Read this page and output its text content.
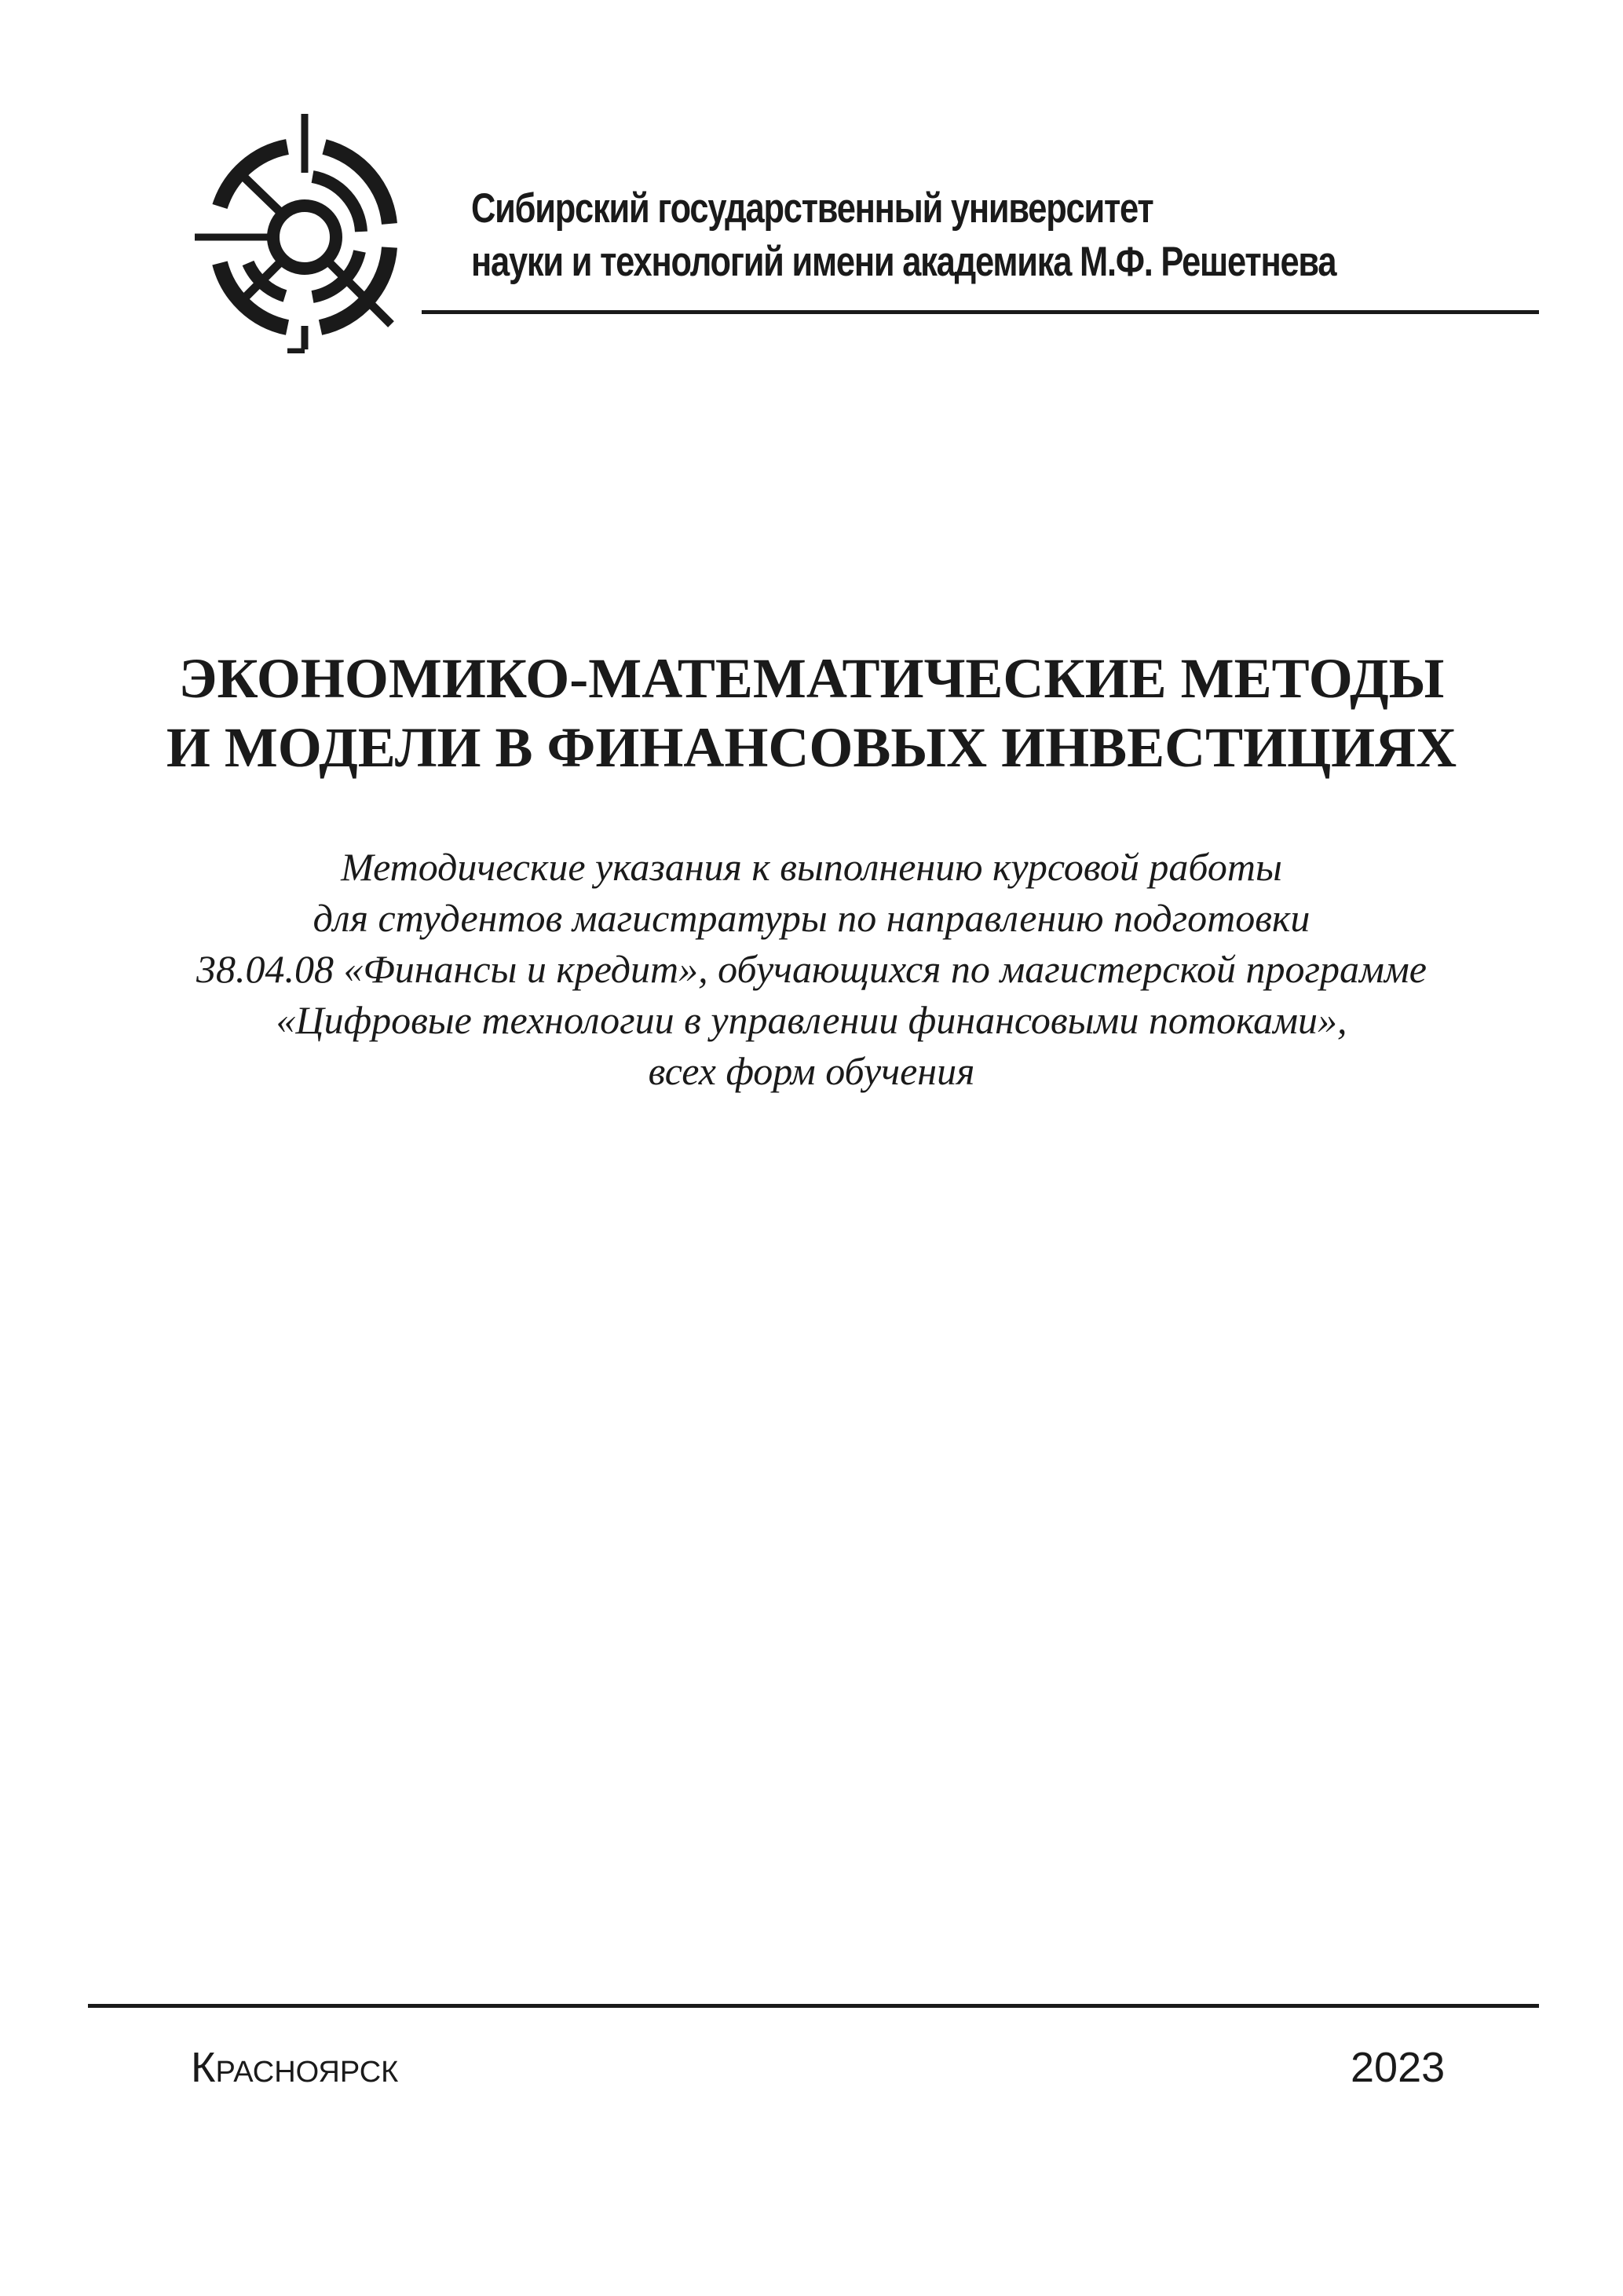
Сибирский государственный университет
науки и технологий имени академика М.Ф. Решетнева
ЭКОНОМИКО-МАТЕМАТИЧЕСКИЕ МЕТОДЫ
И МОДЕЛИ В ФИНАНСОВЫХ ИНВЕСТИЦИЯХ
Методические указания к выполнению курсовой работы
для студентов магистратуры по направлению подготовки
38.04.08 «Финансы и кредит», обучающихся по магистерской программе
«Цифровые технологии в управлении финансовыми потоками»,
всех форм обучения
Красноярск	2023
